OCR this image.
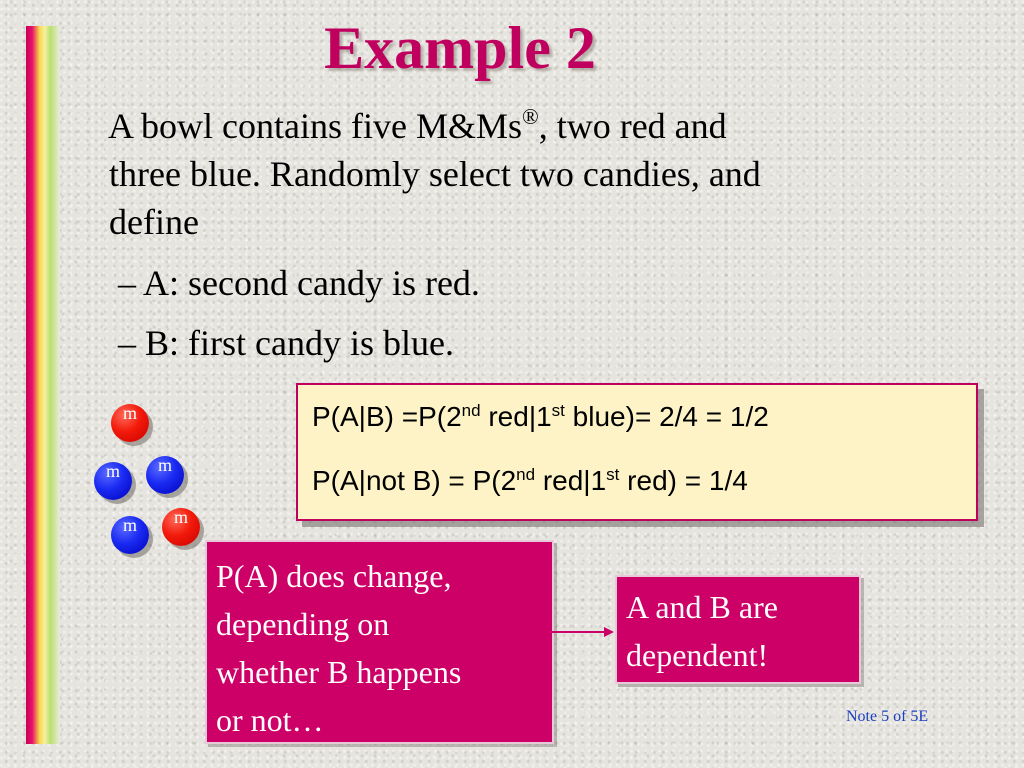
Example 2
A bowl contains five M&Ms®, two red and
three blue. Randomly select two candies, and
define
– A: second candy is red.
– B: first candy is blue.
m
m
m
m
m
P(A|B) =P(2nd red|1st blue)= 2/4 = 1/2
P(A|not B) = P(2nd red|1st red) = 1/4
P(A) does change,
depending on
whether B happens
or not…
A and B are
dependent!
Note 5 of 5E
